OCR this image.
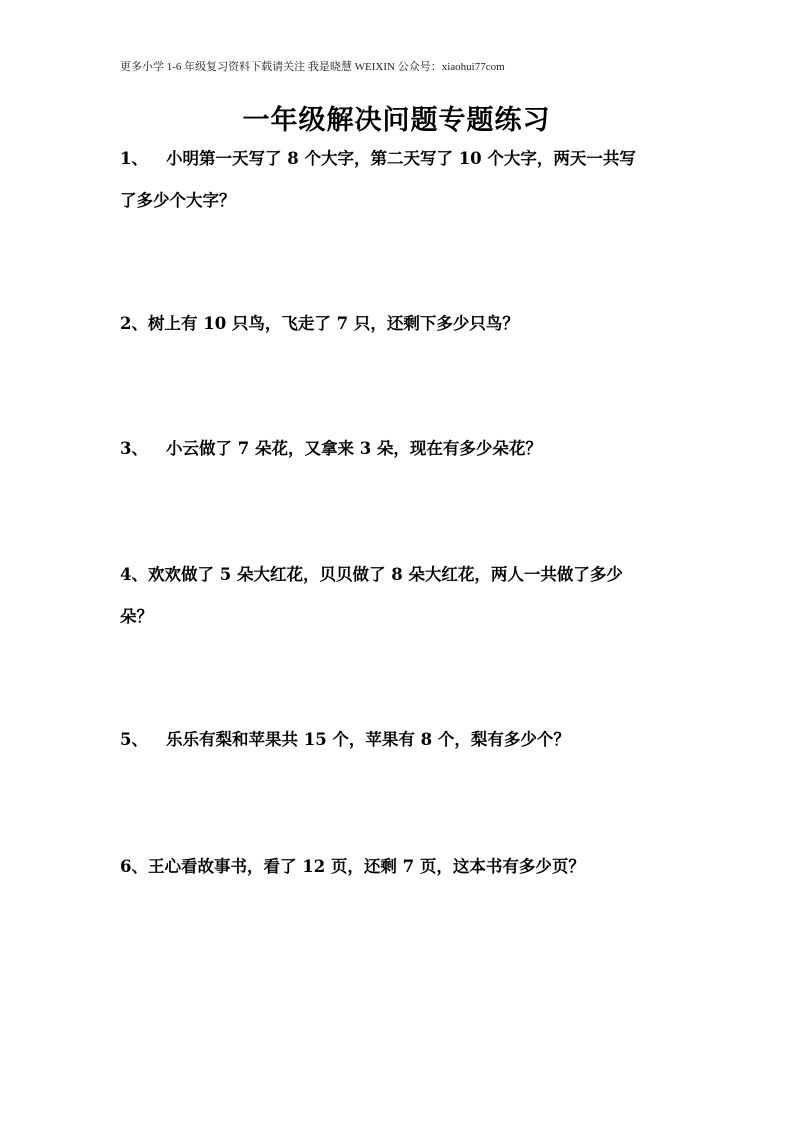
更多小学 1-6 年级复习资料下载请关注 我是晓慧 WEIXIN 公众号：xiaohui77com
一年级解决问题专题练习
1、 小明第一天写了 8 个大字，第二天写了 10 个大字，两天一共写
了多少个大字？
2、树上有 10 只鸟，飞走了 7 只，还剩下多少只鸟？
3、 小云做了 7 朵花，又拿来 3 朵，现在有多少朵花？
4、欢欢做了 5 朵大红花，贝贝做了 8 朵大红花，两人一共做了多少
朵？
5、 乐乐有梨和苹果共 15 个，苹果有 8 个，梨有多少个？
6、王心看故事书，看了 12 页，还剩 7 页，这本书有多少页？
